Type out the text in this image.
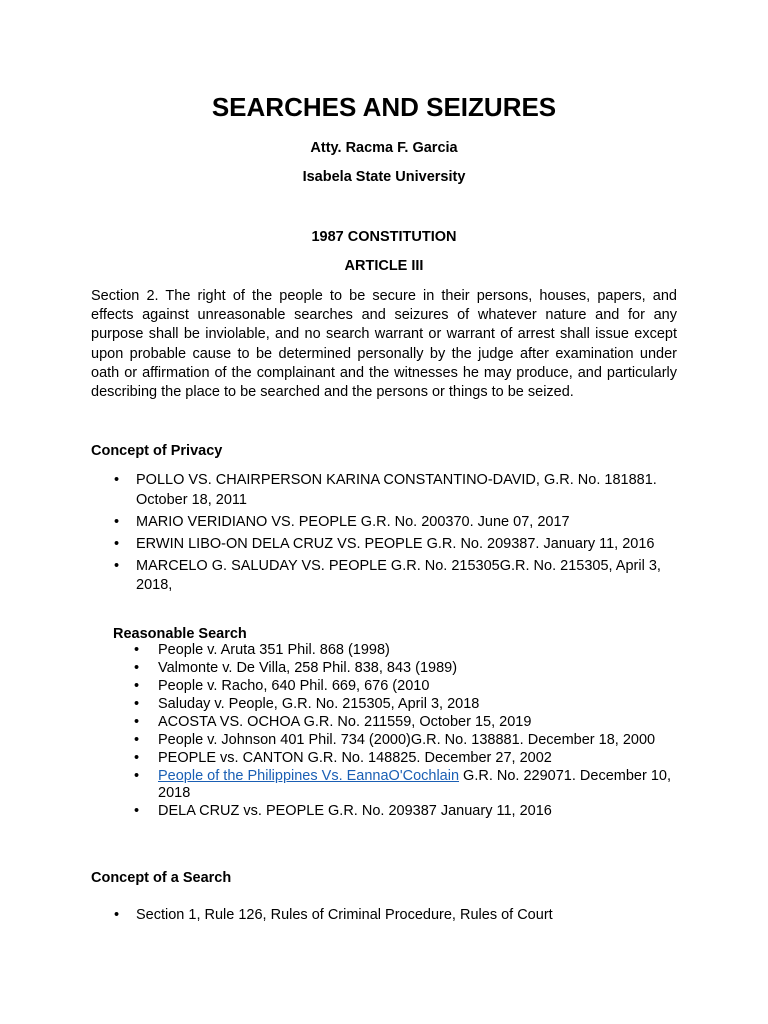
SEARCHES AND SEIZURES

Atty. Racma F. Garcia

Isabela State University

1987 CONSTITUTION

ARTICLE III

Section 2. The right of the people to be secure in their persons, houses, papers, and effects against unreasonable searches and seizures of whatever nature and for any purpose shall be inviolable, and no search warrant or warrant of arrest shall issue except upon probable cause to be determined personally by the judge after examination under oath or affirmation of the complainant and the witnesses he may produce, and particularly describing the place to be searched and the persons or things to be seized.

Concept of Privacy
• POLLO VS. CHAIRPERSON KARINA CONSTANTINO-DAVID, G.R. No. 181881. October 18, 2011
• MARIO VERIDIANO VS. PEOPLE G.R. No. 200370. June 07, 2017
• ERWIN LIBO-ON DELA CRUZ VS. PEOPLE G.R. No. 209387. January 11, 2016
• MARCELO G. SALUDAY VS. PEOPLE G.R. No. 215305G.R. No. 215305, April 3, 2018,
Reasonable Search
• People v. Aruta 351 Phil. 868 (1998)
• Valmonte v. De Villa, 258 Phil. 838, 843 (1989)
• People v. Racho, 640 Phil. 669, 676 (2010
• Saluday v. People, G.R. No. 215305, April 3, 2018
• ACOSTA VS. OCHOA G.R. No. 211559, October 15, 2019
• People v. Johnson 401 Phil. 734 (2000)G.R. No. 138881. December 18, 2000
• PEOPLE vs. CANTON G.R. No. 148825. December 27, 2002
• People of the Philippines Vs. EannaO'Cochlain G.R. No. 229071. December 10, 2018
• DELA CRUZ vs. PEOPLE G.R. No. 209387 January 11, 2016
Concept of a Search
• Section 1, Rule 126, Rules of Criminal Procedure, Rules of Court
